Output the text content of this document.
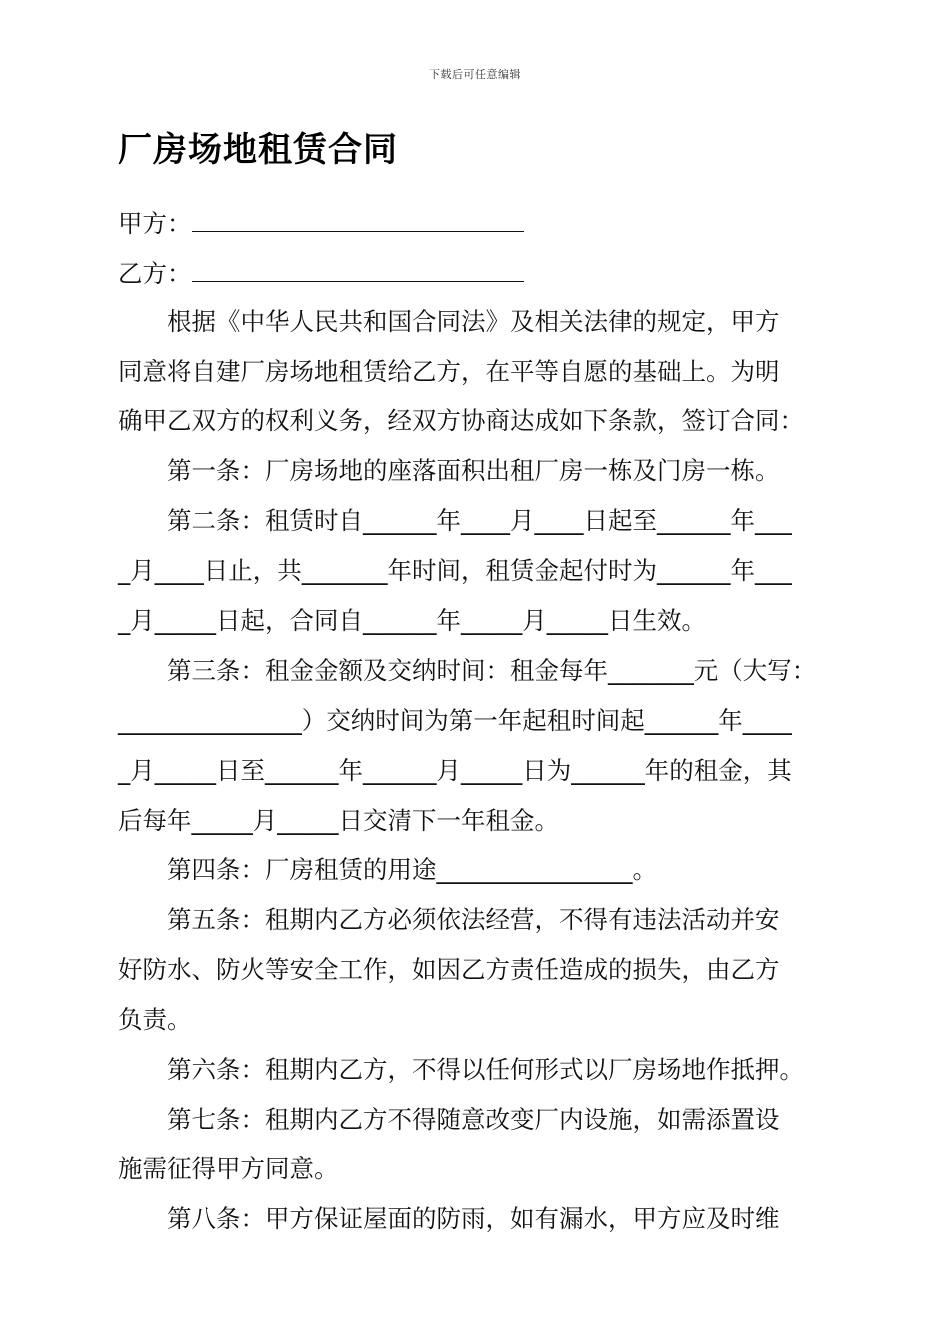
下载后可任意编辑
厂房场地租赁合同
甲方：
乙方：
　　根据《中华人民共和国合同法》及相关法律的规定，甲方
同意将自建厂房场地租赁给乙方，在平等自愿的基础上。为明
确甲乙双方的权利义务，经双方协商达成如下条款，签订合同：
　　第一条：厂房场地的座落面积出租厂房一栋及门房一栋。
　　第二条：租赁时自______年____月____日起至______年___
_月____日止，共_______年时间，租赁金起付时为______年___
_月_____日起，合同自______年_____月_____日生效。
　　第三条：租金金额及交纳时间：租金每年_______元（大写：
_______________）交纳时间为第一年起租时间起______年____
_月_____日至______年______月_____日为______年的租金，其
后每年_____月_____日交清下一年租金。
　　第四条：厂房租赁的用途________________。
　　第五条：租期内乙方必须依法经营，不得有违法活动并安
好防水、防火等安全工作，如因乙方责任造成的损失，由乙方
负责。
　　第六条：租期内乙方，不得以任何形式以厂房场地作抵押。
　　第七条：租期内乙方不得随意改变厂内设施，如需添置设
施需征得甲方同意。
　　第八条：甲方保证屋面的防雨，如有漏水，甲方应及时维
